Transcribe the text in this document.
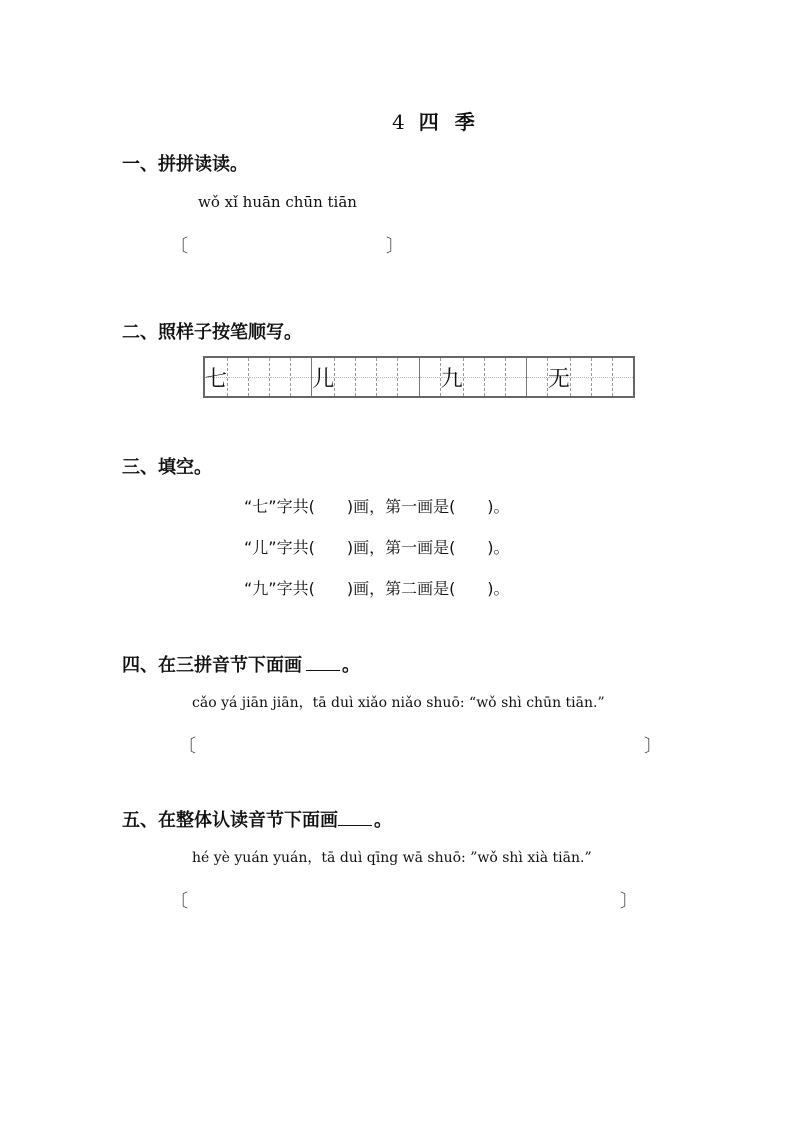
4 四 季
一、拼拼读读。
wǒ xǐ huān chūn tiān
〔	〕
二、照样子按笔顺写。
七	儿	九	无
三、填空。
“七”字共(　　)画，第一画是(　　)。
“儿”字共(　　)画，第一画是(　　)。
“九”字共(　　)画，第二画是(　　)。
四、在三拼音节下面画 。
cǎo yá jiān jiān，tā duì xiǎo niǎo shuō: “wǒ shì chūn tiān.”
〔	〕
五、在整体认读音节下面画 。
hé yè yuán yuán，tā duì qīng wā shuō: ”wǒ shì xià tiān.”
〔	〕
